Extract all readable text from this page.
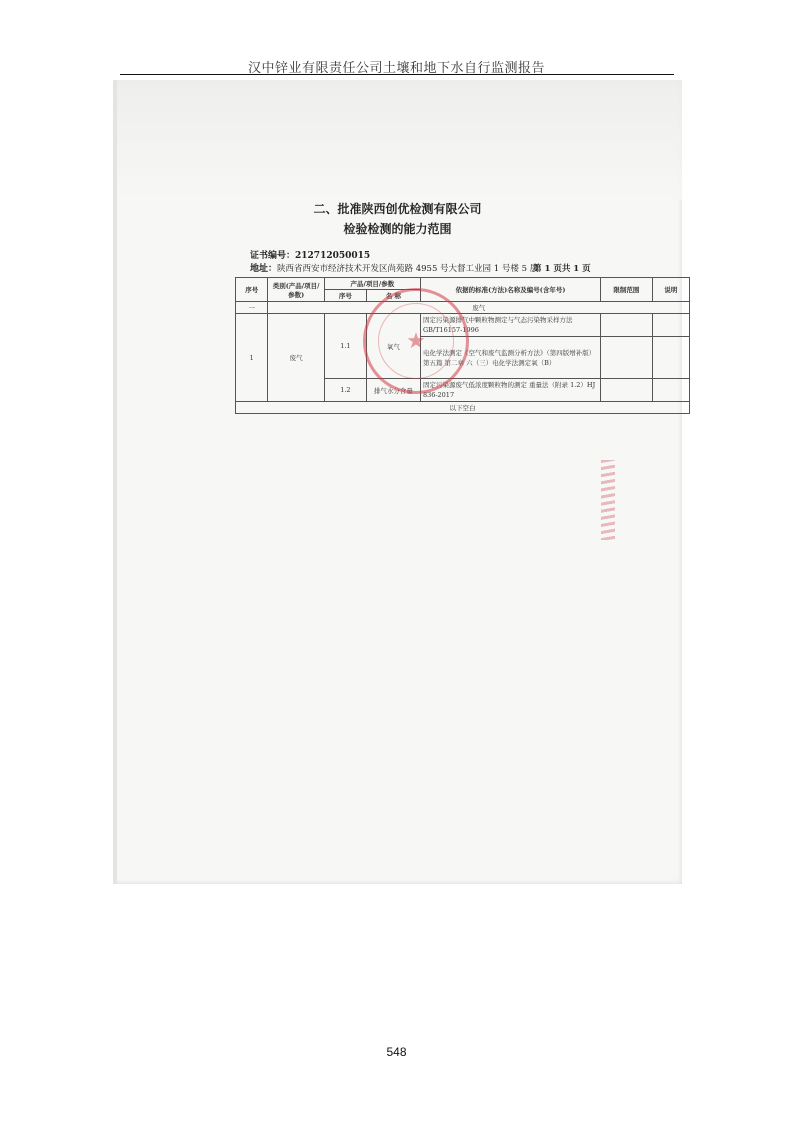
汉中锌业有限责任公司土壤和地下水自行监测报告
二、批准陕西创优检测有限公司
检验检测的能力范围
证书编号：212712050015
地址：陕西省西安市经济技术开发区尚苑路 4955 号大督工业园 1 号楼 5 层
第 1 页共 1 页
序号	类别(产品/项目/参数)	产品/项目/参数		依据的标准(方法)名称及编号(含年号)	限制范围	说明
		序号	名 称			
一	废气					
1	废气	1.1	氧气	固定污染源排气中颗粒物测定与气态污染物采样方法 GB/T16157-1996		
				电化学法测定《空气和废气监测分析方法》（第四版增补版）第五篇 第二章 六（三）电化学法测定氧（B）		
		1.2	排气水分含量	固定污染源废气低浓度颗粒物的测定 重量法（附录 1.2）HJ 836-2017		
以下空白						
★
548
